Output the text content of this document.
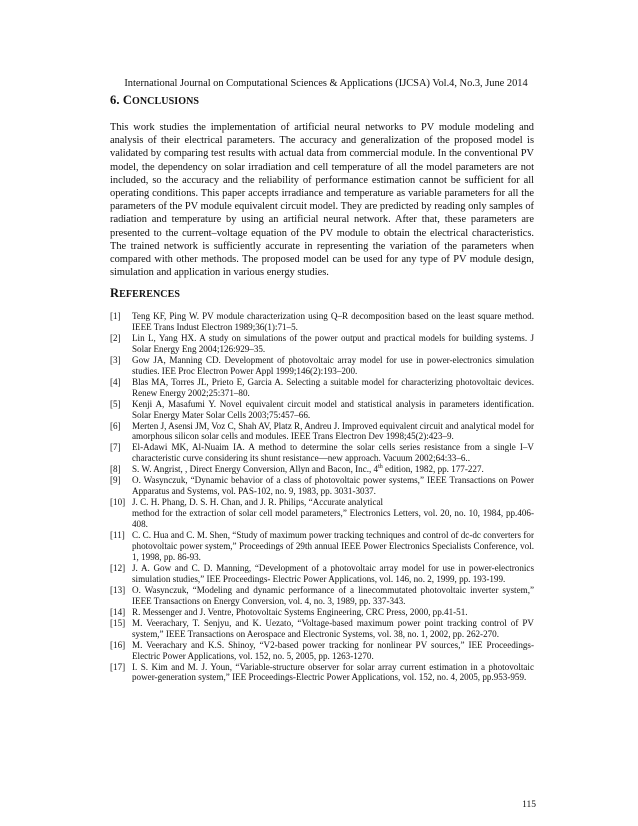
International Journal on Computational Sciences & Applications (IJCSA) Vol.4, No.3, June 2014
6. CONCLUSIONS
This work studies the implementation of artificial neural networks to PV module modeling and analysis of their electrical parameters. The accuracy and generalization of the proposed model is validated by comparing test results with actual data from commercial module. In the conventional PV model, the dependency on solar irradiation and cell temperature of all the model parameters are not included, so the accuracy and the reliability of performance estimation cannot be sufficient for all operating conditions. This paper accepts irradiance and temperature as variable parameters for all the parameters of the PV module equivalent circuit model. They are predicted by reading only samples of radiation and temperature by using an artificial neural network. After that, these parameters are presented to the current–voltage equation of the PV module to obtain the electrical characteristics. The trained network is sufficiently accurate in representing the variation of the parameters when compared with other methods. The proposed model can be used for any type of PV module design, simulation and application in various energy studies.
REFERENCES
[1] Teng KF, Ping W. PV module characterization using Q–R decomposition based on the least square method. IEEE Trans Indust Electron 1989;36(1):71–5.
[2] Lin L, Yang HX. A study on simulations of the power output and practical models for building systems. J Solar Energy Eng 2004;126:929–35.
[3] Gow JA, Manning CD. Development of photovoltaic array model for use in power-electronics simulation studies. IEE Proc Electron Power Appl 1999;146(2):193–200.
[4] Blas MA, Torres JL, Prieto E, Garcia A. Selecting a suitable model for characterizing photovoltaic devices. Renew Energy 2002;25:371–80.
[5] Kenji A, Masafumi Y. Novel equivalent circuit model and statistical analysis in parameters identification. Solar Energy Mater Solar Cells 2003;75:457–66.
[6] Merten J, Asensi JM, Voz C, Shah AV, Platz R, Andreu J. Improved equivalent circuit and analytical model for amorphous silicon solar cells and modules. IEEE Trans Electron Dev 1998;45(2):423–9.
[7] El-Adawi MK, Al-Nuaim IA. A method to determine the solar cells series resistance from a single I–V characteristic curve considering its shunt resistance—new approach. Vacuum 2002;64:33–6..
[8] S. W. Angrist, , Direct Energy Conversion, Allyn and Bacon, Inc., 4th edition, 1982, pp. 177-227.
[9] O. Wasynczuk, “Dynamic behavior of a class of photovoltaic power systems,” IEEE Transactions on Power Apparatus and Systems, vol. PAS-102, no. 9, 1983, pp. 3031-3037.
[10] J. C. H. Phang, D. S. H. Chan, and J. R. Philips, “Accurate analytical
method for the extraction of solar cell model parameters,” Electronics Letters, vol. 20, no. 10, 1984, pp.406-408.
[11] C. C. Hua and C. M. Shen, “Study of maximum power tracking techniques and control of dc-dc converters for photovoltaic power system,” Proceedings of 29th annual IEEE Power Electronics Specialists Conference, vol. 1, 1998, pp. 86-93.
[12] J. A. Gow and C. D. Manning, “Development of a photovoltaic array model for use in power-electronics simulation studies,” IEE Proceedings- Electric Power Applications, vol. 146, no. 2, 1999, pp. 193-199.
[13] O. Wasynczuk, “Modeling and dynamic performance of a linecommutated photovoltaic inverter system,” IEEE Transactions on Energy Conversion, vol. 4, no. 3, 1989, pp. 337-343.
[14] R. Messenger and J. Ventre, Photovoltaic Systems Engineering, CRC Press, 2000, pp.41-51.
[15] M. Veerachary, T. Senjyu, and K. Uezato, “Voltage-based maximum power point tracking control of PV system,” IEEE Transactions on Aerospace and Electronic Systems, vol. 38, no. 1, 2002, pp. 262-270.
[16] M. Veerachary and K.S. Shinoy, “V2-based power tracking for nonlinear PV sources,” IEE Proceedings-Electric Power Applications, vol. 152, no. 5, 2005, pp. 1263-1270.
[17] I. S. Kim and M. J. Youn, “Variable-structure observer for solar array current estimation in a photovoltaic power-generation system,” IEE Proceedings-Electric Power Applications, vol. 152, no. 4, 2005, pp.953-959.
115
